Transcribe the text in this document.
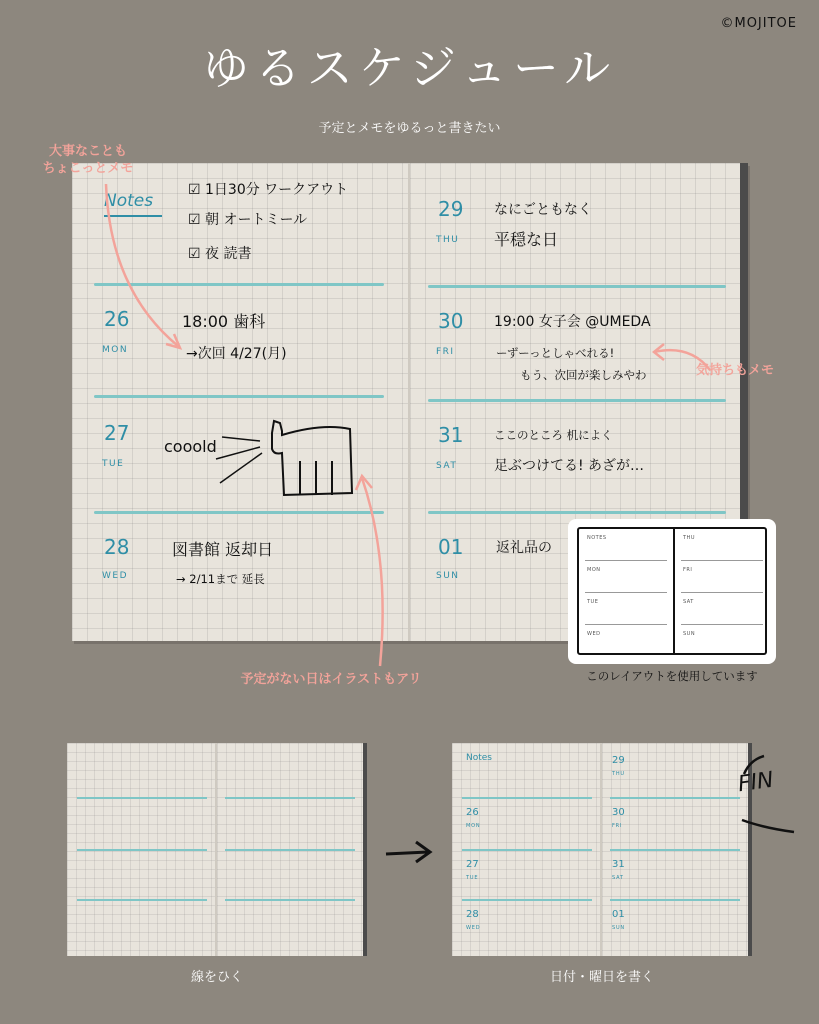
©MOJITOE
ゆるスケジュール
予定とメモをゆるっと書きたい
Notes
☑ 1日30分 ワークアウト
☑ 朝 オートミール
☑ 夜 読書
26
MON
18:00 歯科
→次回 4/27(月)
27
TUE
cooold
28
WED
図書館 返却日
→ 2/11まで 延長
29
THU
なにごともなく
平穏な日
30
FRI
19:00 女子会 @UMEDA
ーずーっとしゃべれる!
もう、次回が楽しみやわ
31
SAT
ここのところ 机によく
足ぶつけてる! あざが…
01
SUN
返礼品の
大事なことも
ちょこっとメモ
気持ちもメモ
予定がない日はイラストもアリ
NOTES
MON
TUE
WED
THU
FRI
SAT
SUN
このレイアウトを使用しています
線をひく
Notes
26
MON
27
TUE
28
WED
29
THU
30
FRI
31
SAT
01
SUN
日付・曜日を書く
FIN
